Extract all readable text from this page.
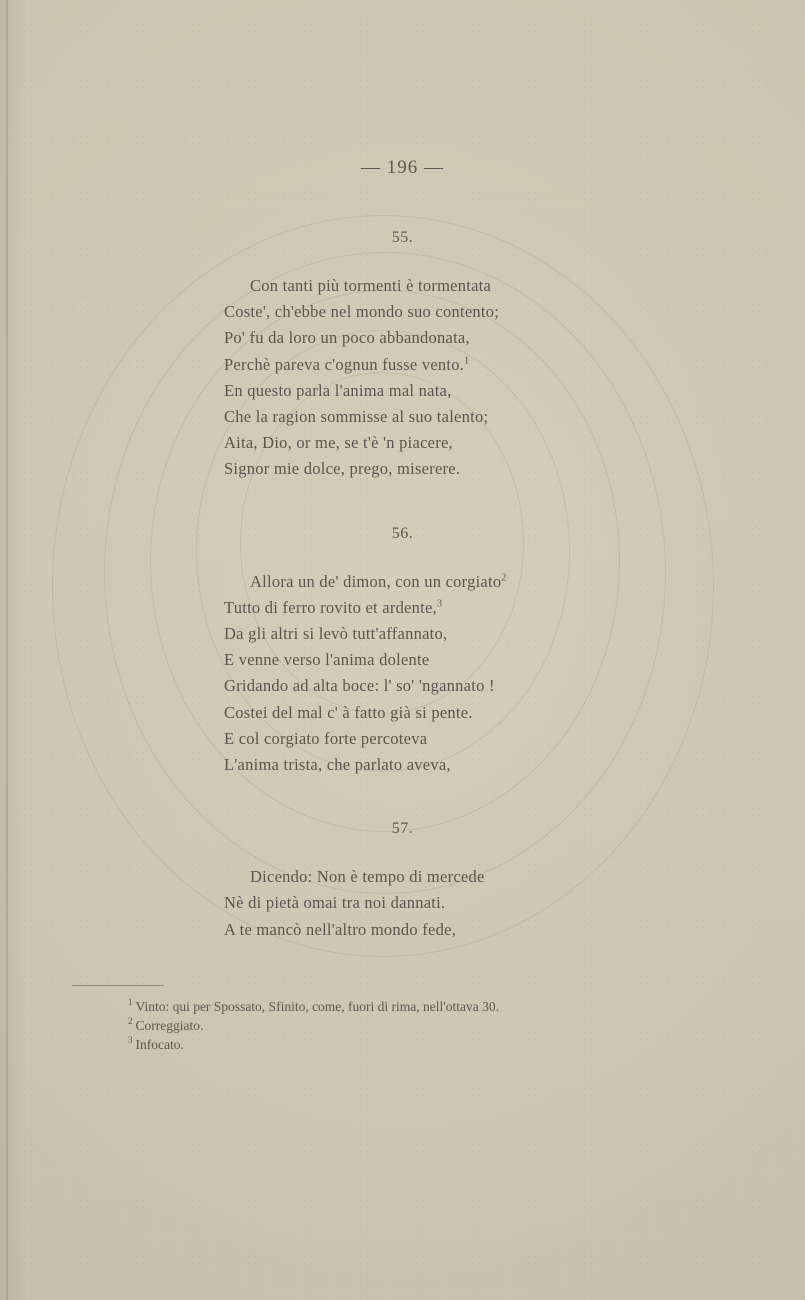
— 196 —
55.
Con tanti più tormenti è tormentata
Coste', ch'ebbe nel mondo suo contento;
Po' fu da loro un poco abbandonata,
Perchè pareva c'ognun fusse vento.$^1$
En questo parla l'anima mal nata,
Che la ragion sommisse al suo talento;
Aita, Dio, or me, se t'è 'n piacere,
Signor mie dolce, prego, miserere.
56.
Allora un de' dimon, con un corgiato$^2$
Tutto di ferro rovito et ardente,$^3$
Da gli altri si levò tutt'affannato,
E venne verso l'anima dolente
Gridando ad alta boce: l' so' 'ngannato !
Costei del mal c' à fatto già si pente.
E col corgiato forte percoteva
L'anima trista, che parlato aveva,
57.
Dicendo: Non è tempo di mercede
Nè di pietà omai tra noi dannati.
A te mancò nell'altro mondo fede,
$^1$ Vinto: qui per Spossato, Sfinito, come, fuori di rima, nell'ottava 30.
$^2$ Correggiato.
$^3$ Infocato.
